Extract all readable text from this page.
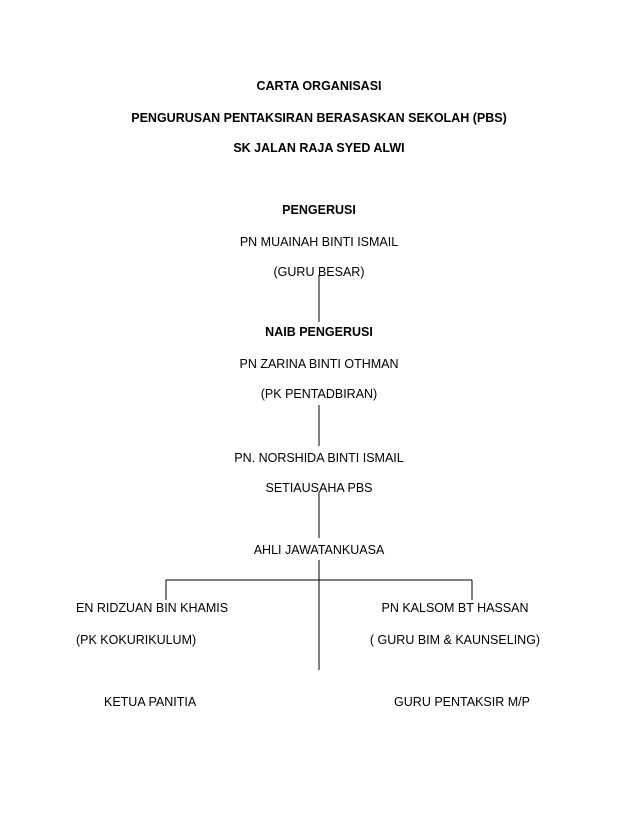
CARTA ORGANISASI
PENGURUSAN PENTAKSIRAN BERASASKAN SEKOLAH (PBS)
SK JALAN RAJA SYED ALWI
PENGERUSI
PN MUAINAH BINTI ISMAIL
(GURU BESAR)
NAIB PENGERUSI
PN ZARINA BINTI OTHMAN
(PK PENTADBIRAN)
PN. NORSHIDA BINTI ISMAIL
SETIAUSAHA PBS
AHLI JAWATANKUASA
EN RIDZUAN BIN KHAMIS
(PK KOKURIKULUM)
PN KALSOM BT HASSAN
( GURU BIM & KAUNSELING)
KETUA PANITIA	GURU PENTAKSIR M/P
